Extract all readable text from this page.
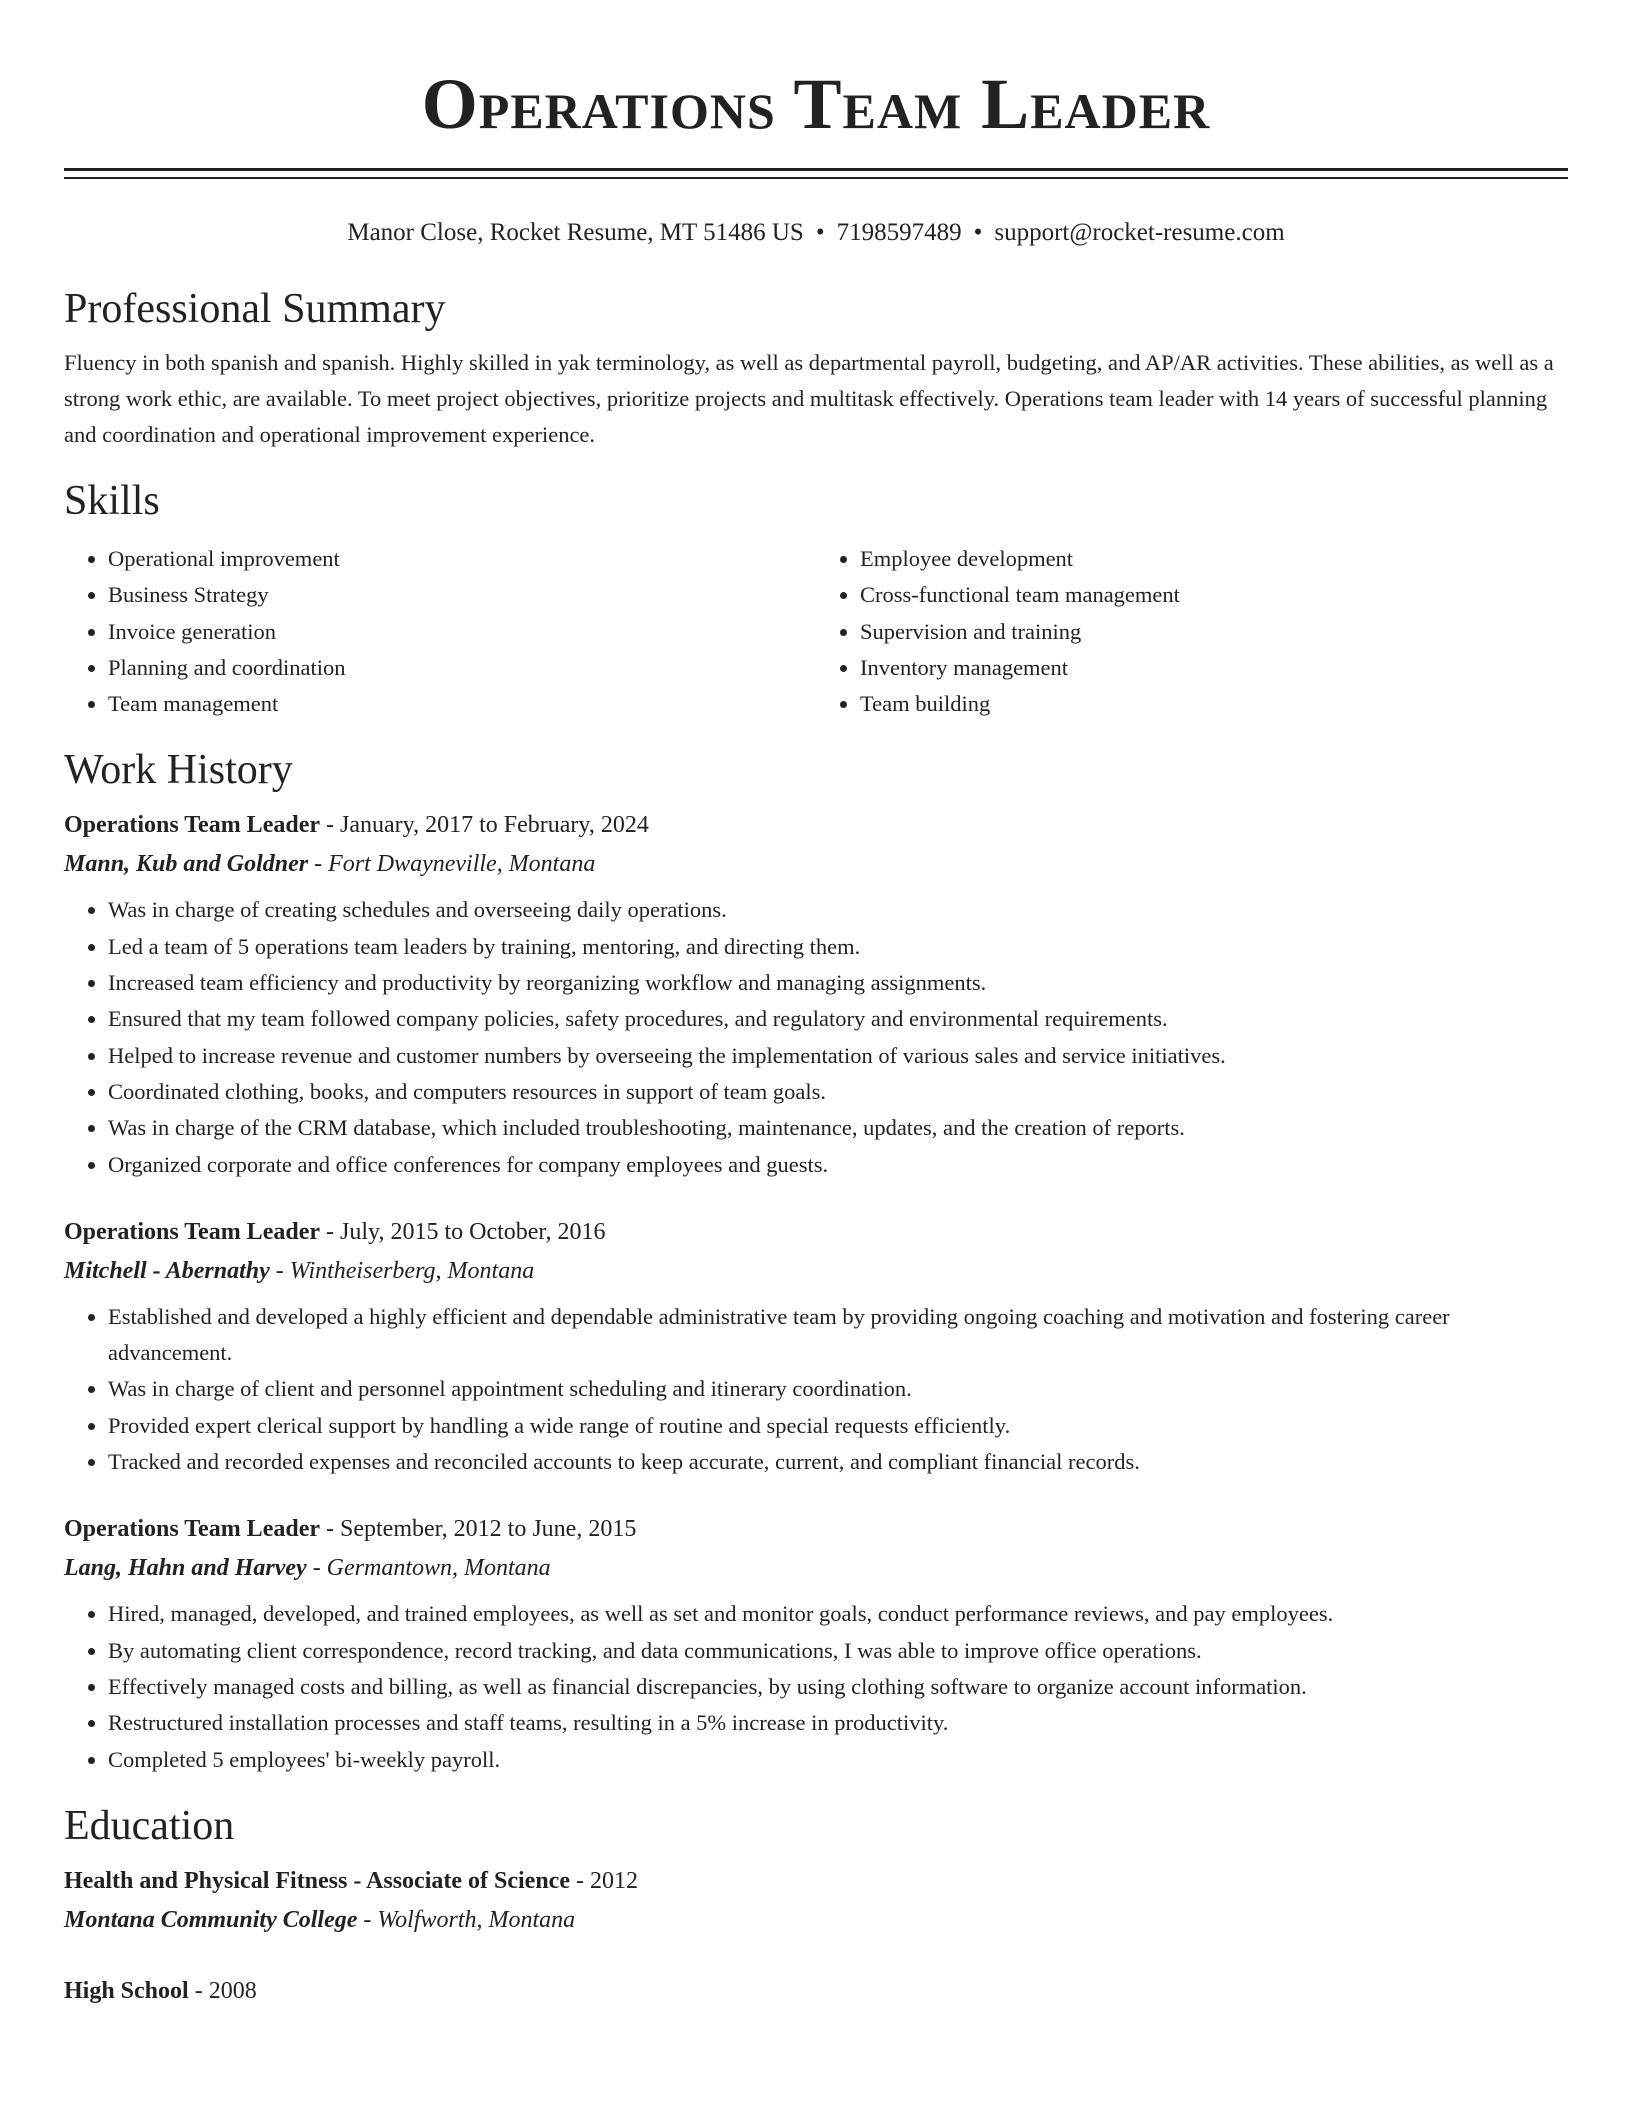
Operations Team Leader
Manor Close, Rocket Resume, MT 51486 US • 7198597489 • support@rocket-resume.com
Professional Summary

Fluency in both spanish and spanish. Highly skilled in yak terminology, as well as departmental payroll, budgeting, and AP/AR activities. These abilities, as well as a strong work ethic, are available. To meet project objectives, prioritize projects and multitask effectively. Operations team leader with 14 years of successful planning and coordination and operational improvement experience.

Skills
• Operational improvement
• Business Strategy
• Invoice generation
• Planning and coordination
• Team management
• Employee development
• Cross-functional team management
• Supervision and training
• Inventory management
• Team building
Work History
Operations Team Leader - January, 2017 to February, 2024
Mann, Kub and Goldner - Fort Dwayneville, Montana
• Was in charge of creating schedules and overseeing daily operations.
• Led a team of 5 operations team leaders by training, mentoring, and directing them.
• Increased team efficiency and productivity by reorganizing workflow and managing assignments.
• Ensured that my team followed company policies, safety procedures, and regulatory and environmental requirements.
• Helped to increase revenue and customer numbers by overseeing the implementation of various sales and service initiatives.
• Coordinated clothing, books, and computers resources in support of team goals.
• Was in charge of the CRM database, which included troubleshooting, maintenance, updates, and the creation of reports.
• Organized corporate and office conferences for company employees and guests.
Operations Team Leader - July, 2015 to October, 2016
Mitchell - Abernathy - Wintheiserberg, Montana
• Established and developed a highly efficient and dependable administrative team by providing ongoing coaching and motivation and fostering career advancement.
• Was in charge of client and personnel appointment scheduling and itinerary coordination.
• Provided expert clerical support by handling a wide range of routine and special requests efficiently.
• Tracked and recorded expenses and reconciled accounts to keep accurate, current, and compliant financial records.
Operations Team Leader - September, 2012 to June, 2015
Lang, Hahn and Harvey - Germantown, Montana
• Hired, managed, developed, and trained employees, as well as set and monitor goals, conduct performance reviews, and pay employees.
• By automating client correspondence, record tracking, and data communications, I was able to improve office operations.
• Effectively managed costs and billing, as well as financial discrepancies, by using clothing software to organize account information.
• Restructured installation processes and staff teams, resulting in a 5% increase in productivity.
• Completed 5 employees' bi-weekly payroll.
Education
Health and Physical Fitness - Associate of Science - 2012
Montana Community College - Wolfworth, Montana
High School - 2008
